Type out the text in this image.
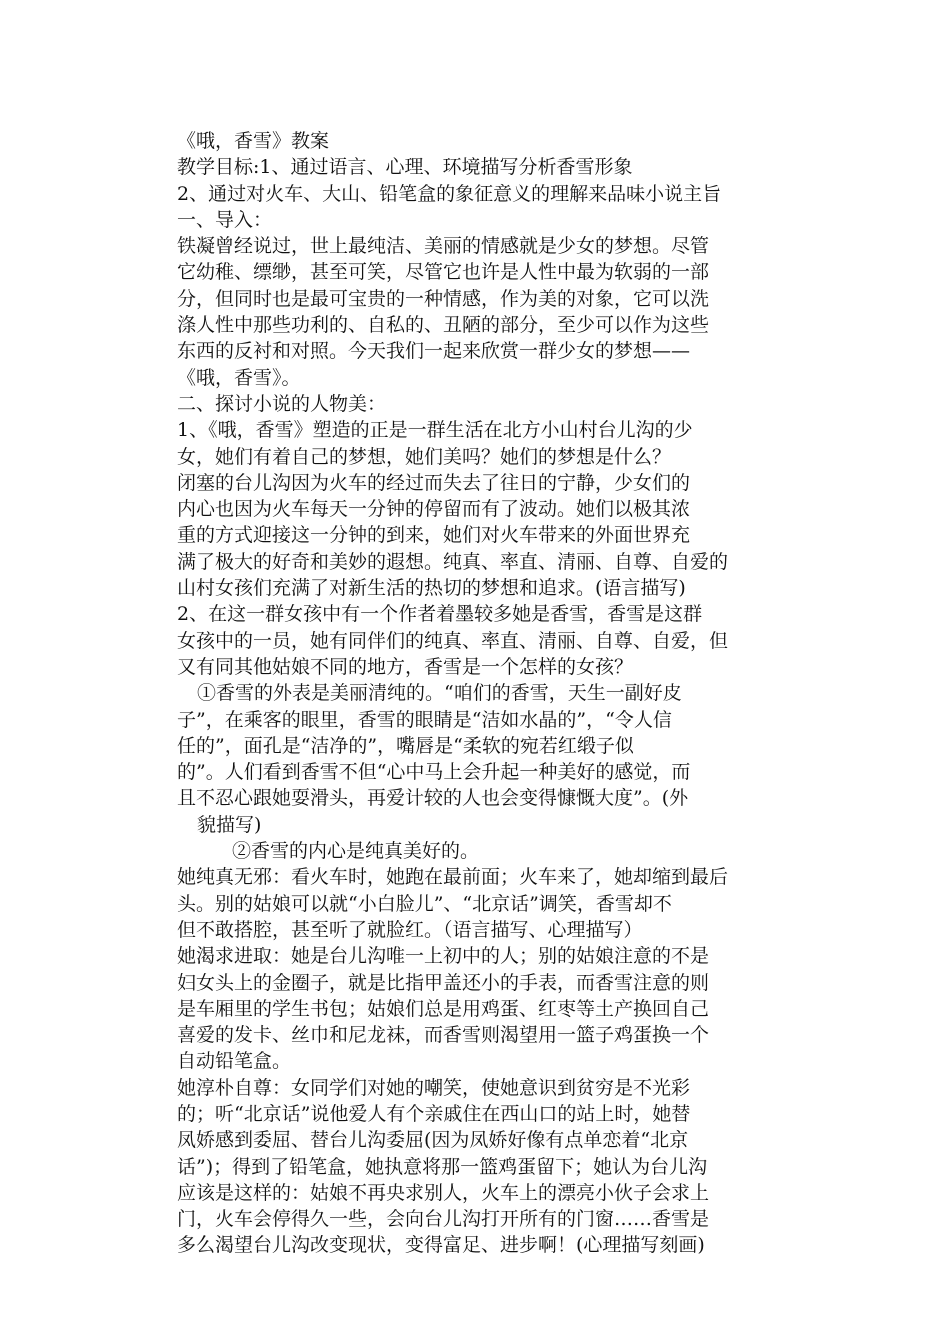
《哦，香雪》教案
教学目标:1、通过语言、心理、环境描写分析香雪形象
2、通过对火车、大山、铅笔盒的象征意义的理解来品味小说主旨
一、导入：
铁凝曾经说过，世上最纯洁、美丽的情感就是少女的梦想。尽管
它幼稚、缥缈，甚至可笑，尽管它也许是人性中最为软弱的一部
分，但同时也是最可宝贵的一种情感，作为美的对象，它可以洗
涤人性中那些功利的、自私的、丑陋的部分，至少可以作为这些
东西的反衬和对照。今天我们一起来欣赏一群少女的梦想——
《哦，香雪》。
二、探讨小说的人物美：
1、《哦，香雪》塑造的正是一群生活在北方小山村台儿沟的少
女，她们有着自己的梦想，她们美吗？她们的梦想是什么？
闭塞的台儿沟因为火车的经过而失去了往日的宁静，少女们的
内心也因为火车每天一分钟的停留而有了波动。她们以极其浓
重的方式迎接这一分钟的到来，她们对火车带来的外面世界充
满了极大的好奇和美妙的遐想。纯真、率直、清丽、自尊、自爱的
山村女孩们充满了对新生活的热切的梦想和追求。(语言描写)
2、在这一群女孩中有一个作者着墨较多她是香雪，香雪是这群
女孩中的一员，她有同伴们的纯真、率直、清丽、自尊、自爱，但
又有同其他姑娘不同的地方，香雪是一个怎样的女孩？
①香雪的外表是美丽清纯的。“咱们的香雪，天生一副好皮
子”，在乘客的眼里，香雪的眼睛是“洁如水晶的”，“令人信
任的”，面孔是“洁净的”，嘴唇是“柔软的宛若红缎子似
的”。人们看到香雪不但“心中马上会升起一种美好的感觉，而
且不忍心跟她耍滑头，再爱计较的人也会变得慷慨大度”。(外
貌描写)
②香雪的内心是纯真美好的。
她纯真无邪：看火车时，她跑在最前面；火车来了，她却缩到最后
头。别的姑娘可以就“小白脸儿”、“北京话”调笑，香雪却不
但不敢搭腔，甚至听了就脸红。（语言描写、心理描写）
她渴求进取：她是台儿沟唯一上初中的人；别的姑娘注意的不是
妇女头上的金圈子，就是比指甲盖还小的手表，而香雪注意的则
是车厢里的学生书包；姑娘们总是用鸡蛋、红枣等土产换回自己
喜爱的发卡、丝巾和尼龙袜，而香雪则渴望用一篮子鸡蛋换一个
自动铅笔盒。
她淳朴自尊：女同学们对她的嘲笑，使她意识到贫穷是不光彩
的；听“北京话”说他爱人有个亲戚住在西山口的站上时，她替
凤娇感到委屈、替台儿沟委屈(因为凤娇好像有点单恋着“北京
话”)；得到了铅笔盒，她执意将那一篮鸡蛋留下；她认为台儿沟
应该是这样的：姑娘不再央求别人，火车上的漂亮小伙子会求上
门，火车会停得久一些，会向台儿沟打开所有的门窗……香雪是
多么渴望台儿沟改变现状，变得富足、进步啊！(心理描写刻画)
